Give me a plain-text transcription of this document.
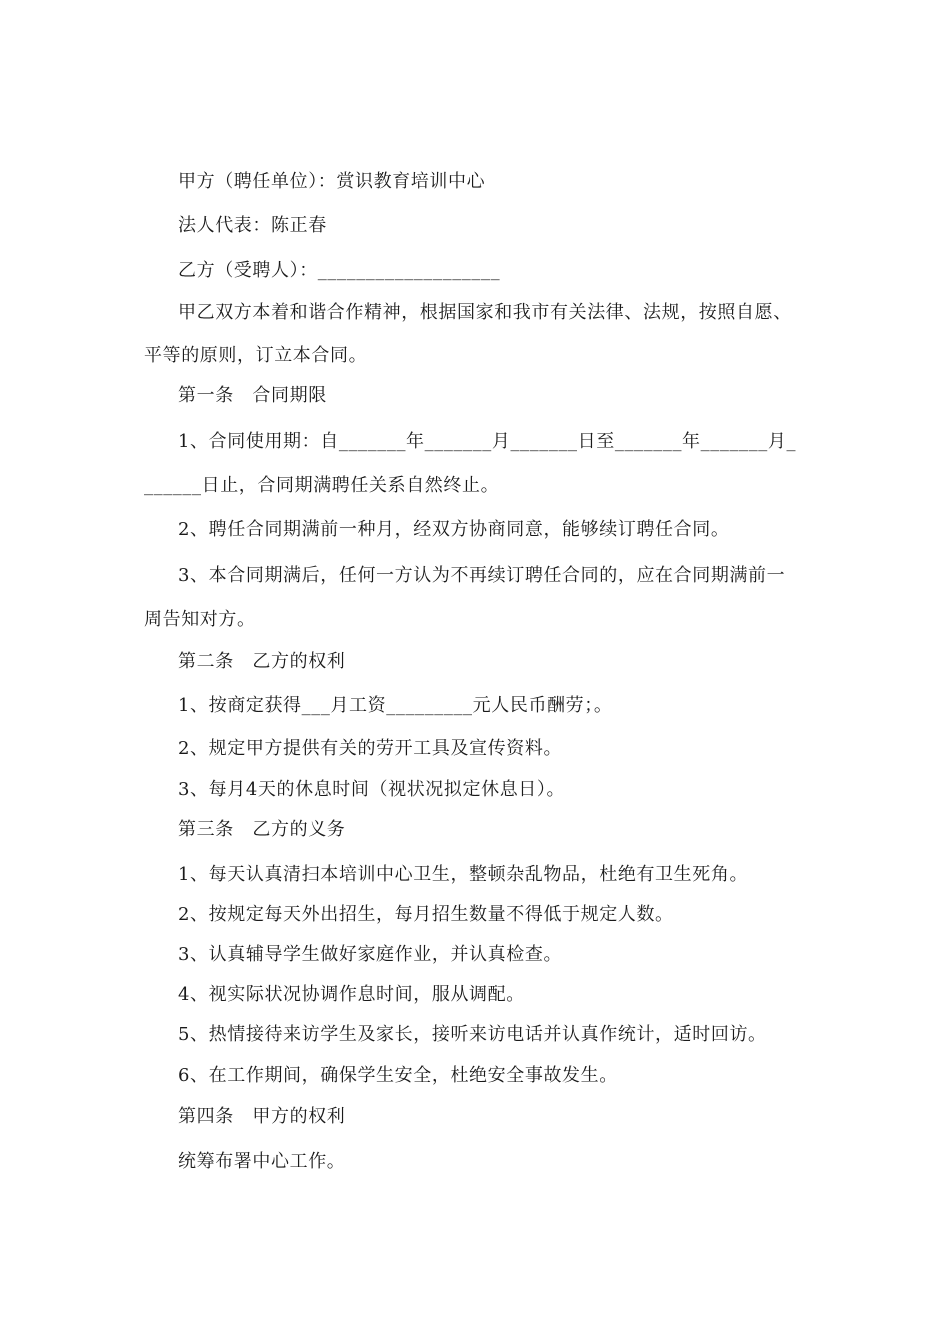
甲方（聘任单位）：赏识教育培训中心
法人代表：陈正春
乙方（受聘人）：___________________
甲乙双方本着和谐合作精神，根据国家和我市有关法律、法规，按照自愿、
平等的原则，订立本合同。
第一条　合同期限
1、合同使用期：自_______年_______月_______日至_______年_______月_
______日止，合同期满聘任关系自然终止。
2、聘任合同期满前一种月，经双方协商同意，能够续订聘任合同。
3、本合同期满后，任何一方认为不再续订聘任合同的，应在合同期满前一
周告知对方。
第二条　乙方的权利
1、按商定获得___月工资_________元人民币酬劳；。
2、规定甲方提供有关的劳开工具及宣传资料。
3、每月4天的休息时间（视状况拟定休息日）。
第三条　乙方的义务
1、每天认真清扫本培训中心卫生，整顿杂乱物品，杜绝有卫生死角。
2、按规定每天外出招生，每月招生数量不得低于规定人数。
3、认真辅导学生做好家庭作业，并认真检查。
4、视实际状况协调作息时间，服从调配。
5、热情接待来访学生及家长，接听来访电话并认真作统计，适时回访。
6、在工作期间，确保学生安全，杜绝安全事故发生。
第四条　甲方的权利
统筹布署中心工作。
